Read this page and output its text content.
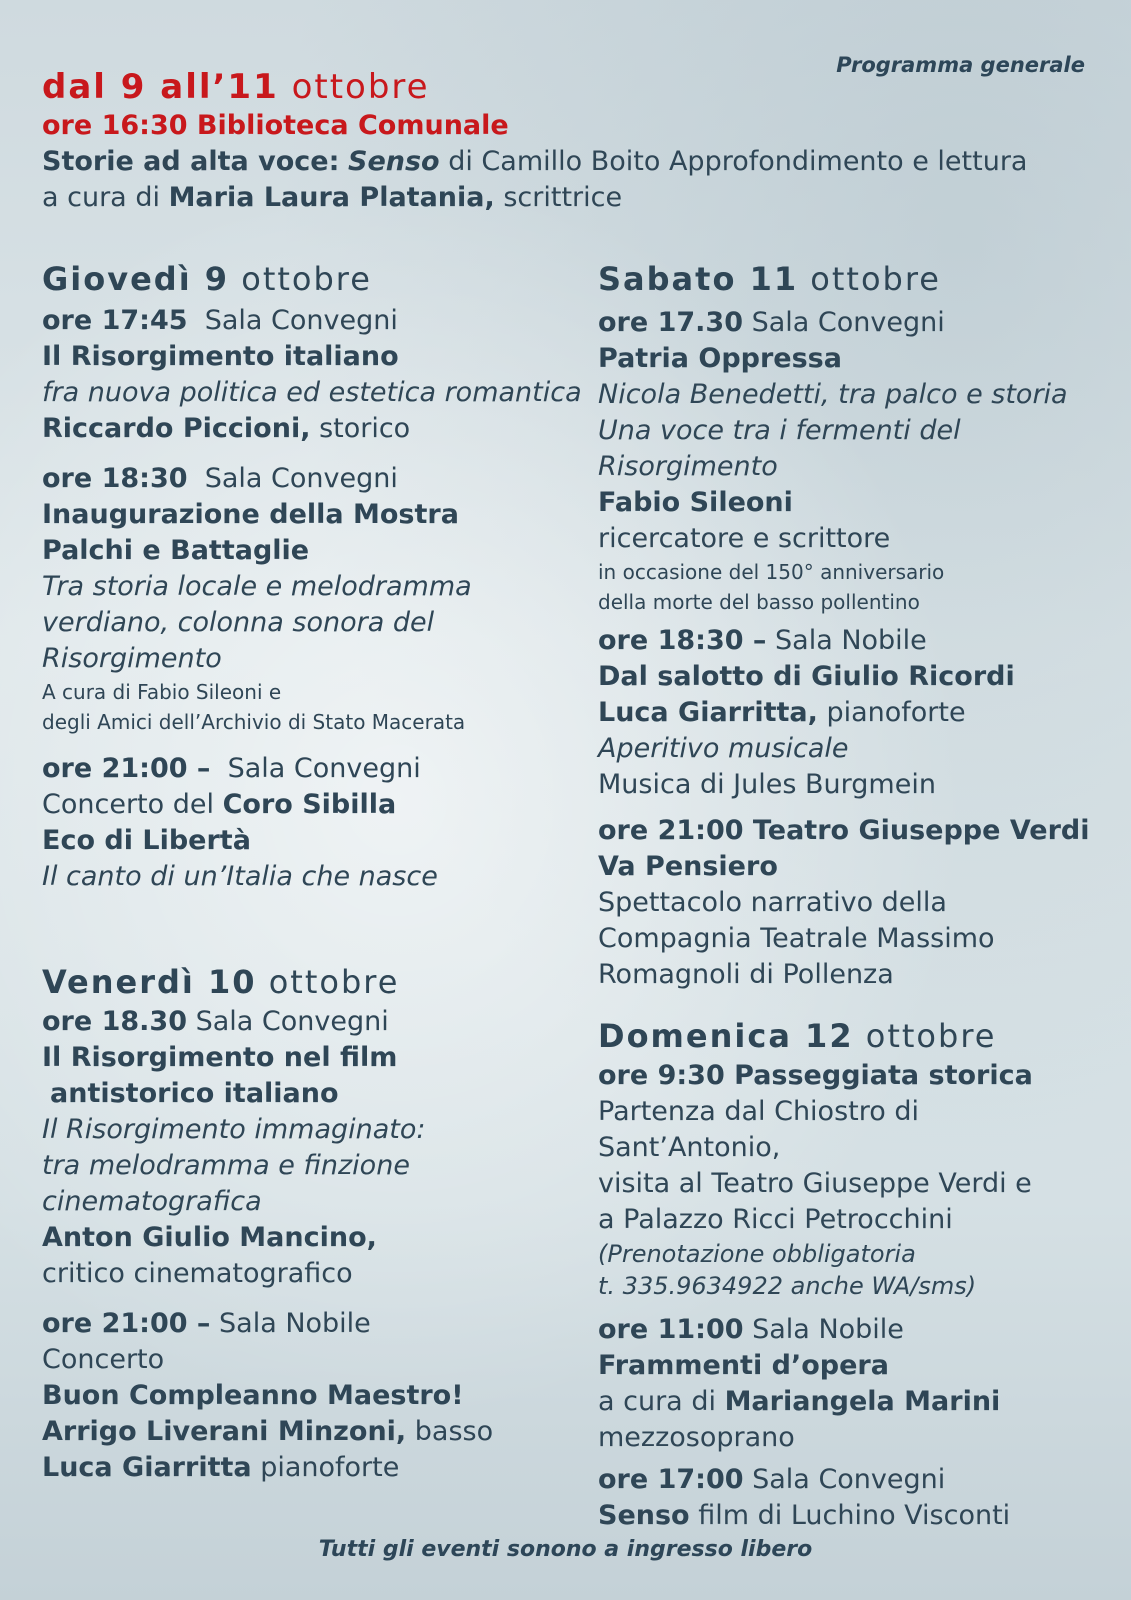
Programma generale
dal 9 all’11 ottobre
ore 16:30 Biblioteca Comunale
Storie ad alta voce: Senso di Camillo Boito Approfondimento e lettura
a cura di Maria Laura Platania, scrittrice
Giovedì 9 ottobre
ore 17:45 Sala Convegni
Il Risorgimento italiano
fra nuova politica ed estetica romantica
Riccardo Piccioni, storico
ore 18:30 Sala Convegni
Inaugurazione della Mostra
Palchi e Battaglie
Tra storia locale e melodramma
verdiano, colonna sonora del
Risorgimento
A cura di Fabio Sileoni e
degli Amici dell’Archivio di Stato Macerata
ore 21:00 – Sala Convegni
Concerto del Coro Sibilla
Eco di Libertà
Il canto di un’Italia che nasce
Venerdì 10 ottobre
ore 18.30 Sala Convegni
Il Risorgimento nel film
antistorico italiano
Il Risorgimento immaginato:
tra melodramma e finzione
cinematografica
Anton Giulio Mancino,
critico cinematografico
ore 21:00 – Sala Nobile
Concerto
Buon Compleanno Maestro!
Arrigo Liverani Minzoni, basso
Luca Giarritta pianoforte
Sabato 11 ottobre
ore 17.30 Sala Convegni
Patria Oppressa
Nicola Benedetti, tra palco e storia
Una voce tra i fermenti del
Risorgimento
Fabio Sileoni
ricercatore e scrittore
in occasione del 150° anniversario
della morte del basso pollentino
ore 18:30 – Sala Nobile
Dal salotto di Giulio Ricordi
Luca Giarritta, pianoforte
Aperitivo musicale
Musica di Jules Burgmein
ore 21:00 Teatro Giuseppe Verdi
Va Pensiero
Spettacolo narrativo della
Compagnia Teatrale Massimo
Romagnoli di Pollenza
Domenica 12 ottobre
ore 9:30 Passeggiata storica
Partenza dal Chiostro di
Sant’Antonio,
visita al Teatro Giuseppe Verdi e
a Palazzo Ricci Petrocchini
(Prenotazione obbligatoria
t. 335.9634922 anche WA/sms)
ore 11:00 Sala Nobile
Frammenti d’opera
a cura di Mariangela Marini
mezzosoprano
ore 17:00 Sala Convegni
Senso film di Luchino Visconti
Tutti gli eventi sonono a ingresso libero
